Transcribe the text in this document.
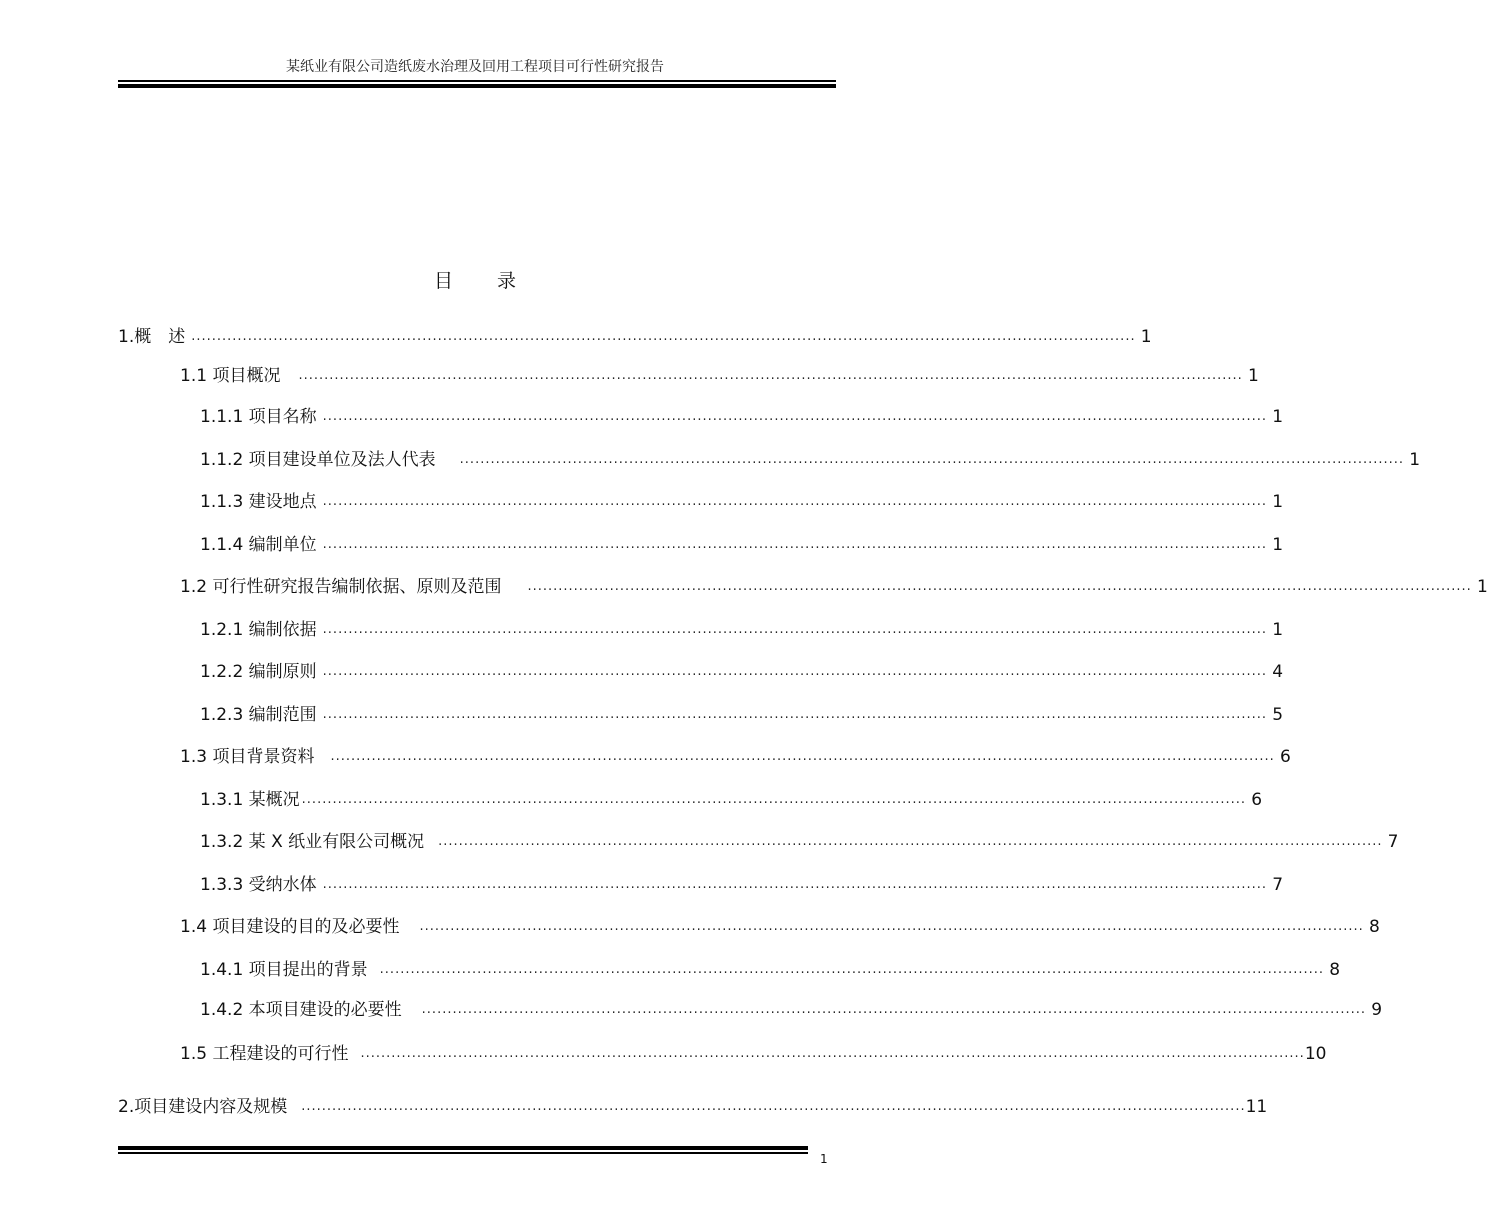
某纸业有限公司造纸废水治理及回用工程项目可行性研究报告
目 录
1.概　述 ........................................................................................................................................................................................ 1
1.1 项目概况 ........................................................................................................................................................................................ 1
1.1.1 项目名称 ........................................................................................................................................................................................ 1
1.1.2 项目建设单位及法人代表 ........................................................................................................................................................................................ 1
1.1.3 建设地点 ........................................................................................................................................................................................ 1
1.1.4 编制单位 ........................................................................................................................................................................................ 1
1.2 可行性研究报告编制依据、原则及范围 ........................................................................................................................................................................................ 1
1.2.1 编制依据 ........................................................................................................................................................................................ 1
1.2.2 编制原则 ........................................................................................................................................................................................ 4
1.2.3 编制范围 ........................................................................................................................................................................................ 5
1.3 项目背景资料 ........................................................................................................................................................................................ 6
1.3.1 某概况 ........................................................................................................................................................................................ 6
1.3.2 某 X 纸业有限公司概况 ........................................................................................................................................................................................ 7
1.3.3 受纳水体 ........................................................................................................................................................................................ 7
1.4 项目建设的目的及必要性 ........................................................................................................................................................................................ 8
1.4.1 项目提出的背景 ........................................................................................................................................................................................ 8
1.4.2 本项目建设的必要性 ........................................................................................................................................................................................ 9
1.5 工程建设的可行性 ........................................................................................................................................................................................ 10
2.项目建设内容及规模 ........................................................................................................................................................................................ 11
1
